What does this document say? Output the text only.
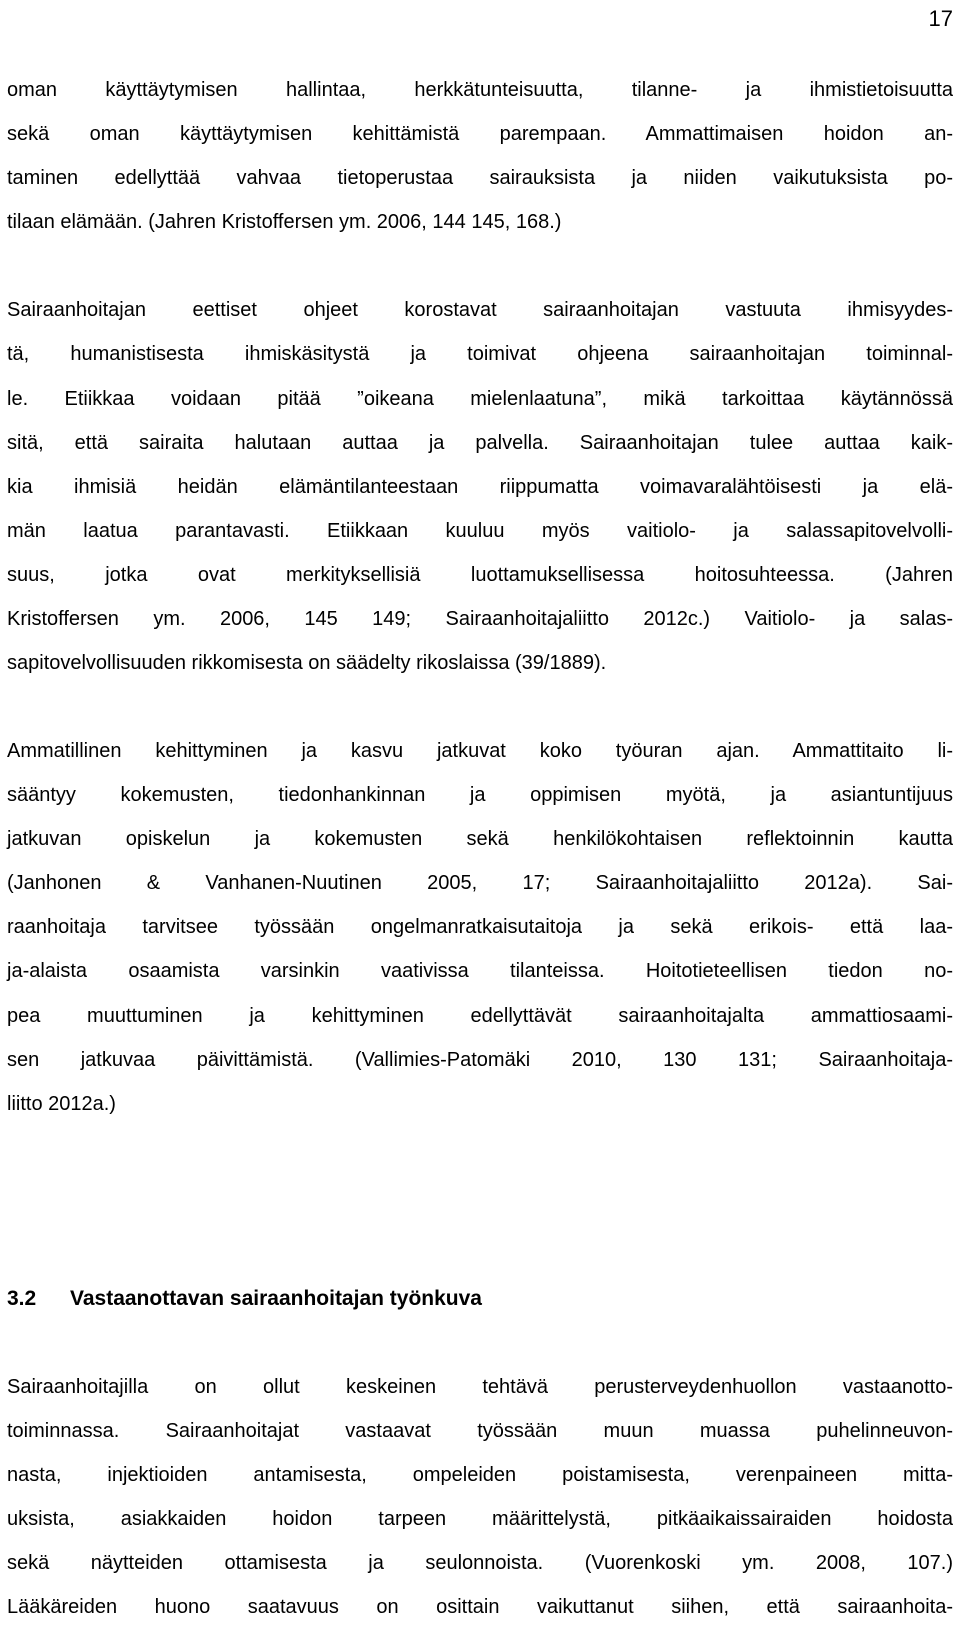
17
oman käyttäytymisen hallintaa, herkkätunteisuutta, tilanne- ja ihmistietoisuutta
sekä oman käyttäytymisen kehittämistä parempaan. Ammattimaisen hoidon an-
taminen edellyttää vahvaa tietoperustaa sairauksista ja niiden vaikutuksista po-
tilaan elämään. (Jahren Kristoffersen ym. 2006, 144 145, 168.)
Sairaanhoitajan eettiset ohjeet korostavat sairaanhoitajan vastuuta ihmisyydes-
tä, humanistisesta ihmiskäsitystä ja toimivat ohjeena sairaanhoitajan toiminnal-
le. Etiikkaa voidaan pitää ”oikeana mielenlaatuna”, mikä tarkoittaa käytännössä
sitä, että sairaita halutaan auttaa ja palvella. Sairaanhoitajan tulee auttaa kaik-
kia ihmisiä heidän elämäntilanteestaan riippumatta voimavaralähtöisesti ja elä-
män laatua parantavasti. Etiikkaan kuuluu myös vaitiolo- ja salassapitovelvolli-
suus, jotka ovat merkityksellisiä luottamuksellisessa hoitosuhteessa. (Jahren
Kristoffersen ym. 2006, 145 149; Sairaanhoitajaliitto 2012c.) Vaitiolo- ja salas-
sapitovelvollisuuden rikkomisesta on säädelty rikoslaissa (39/1889).
Ammatillinen kehittyminen ja kasvu jatkuvat koko työuran ajan. Ammattitaito li-
sääntyy kokemusten, tiedonhankinnan ja oppimisen myötä, ja asiantuntijuus
jatkuvan opiskelun ja kokemusten sekä henkilökohtaisen reflektoinnin kautta
(Janhonen & Vanhanen-Nuutinen 2005, 17; Sairaanhoitajaliitto 2012a). Sai-
raanhoitaja tarvitsee työssään ongelmanratkaisutaitoja ja sekä erikois- että laa-
ja-alaista osaamista varsinkin vaativissa tilanteissa. Hoitotieteellisen tiedon no-
pea muuttuminen ja kehittyminen edellyttävät sairaanhoitajalta ammattiosaami-
sen jatkuvaa päivittämistä. (Vallimies-Patomäki 2010, 130 131; Sairaanhoitaja-
liitto 2012a.)
3.2 Vastaanottavan sairaanhoitajan työnkuva
Sairaanhoitajilla on ollut keskeinen tehtävä perusterveydenhuollon vastaanotto-
toiminnassa. Sairaanhoitajat vastaavat työssään muun muassa puhelinneuvon-
nasta, injektioiden antamisesta, ompeleiden poistamisesta, verenpaineen mitta-
uksista, asiakkaiden hoidon tarpeen määrittelystä, pitkäaikaissairaiden hoidosta
sekä näytteiden ottamisesta ja seulonnoista. (Vuorenkoski ym. 2008, 107.)
Lääkäreiden huono saatavuus on osittain vaikuttanut siihen, että sairaanhoita-
